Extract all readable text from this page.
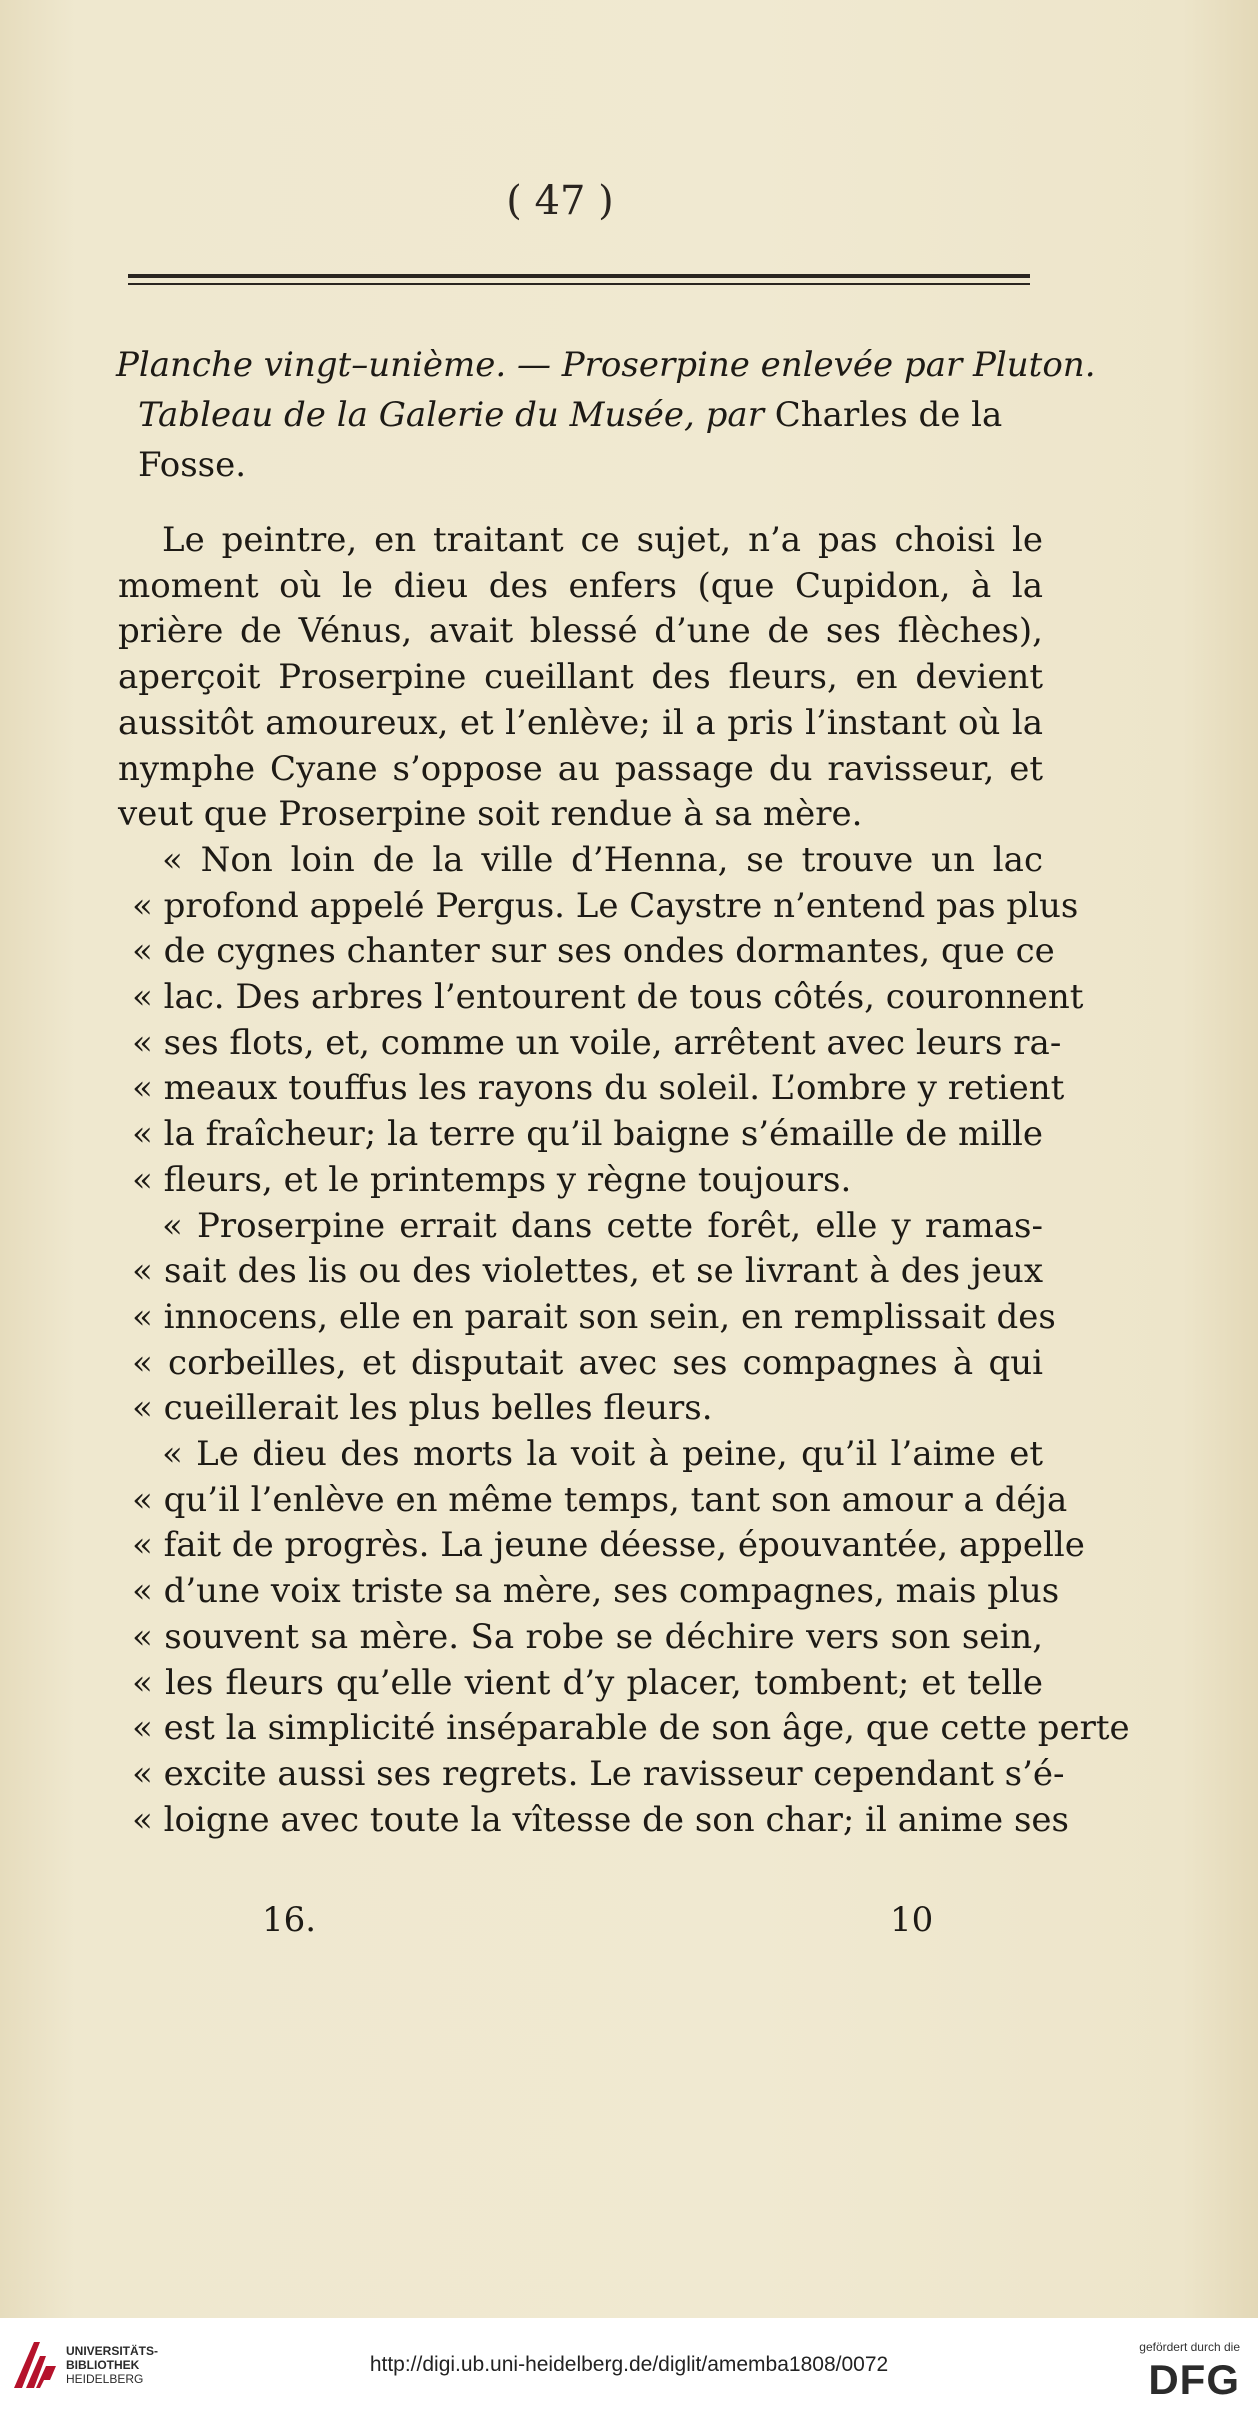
( 47 )
Planche vingt–unième. — Proserpine enlevée par Pluton.
Tableau de la Galerie du Musée, par Charles de la
Fosse.
Le peintre, en traitant ce sujet, n’a pas choisi le
moment où le dieu des enfers (que Cupidon, à la
prière de Vénus, avait blessé d’une de ses flèches),
aperçoit Proserpine cueillant des fleurs, en devient
aussitôt amoureux, et l’enlève; il a pris l’instant où la
nymphe Cyane s’oppose au passage du ravisseur, et
veut que Proserpine soit rendue à sa mère.
« Non loin de la ville d’Henna, se trouve un lac
« profond appelé Pergus. Le Caystre n’entend pas plus
« de cygnes chanter sur ses ondes dormantes, que ce
« lac. Des arbres l’entourent de tous côtés, couronnent
« ses flots, et, comme un voile, arrêtent avec leurs ra-
« meaux touffus les rayons du soleil. L’ombre y retient
« la fraîcheur; la terre qu’il baigne s’émaille de mille
« fleurs, et le printemps y règne toujours.
« Proserpine errait dans cette forêt, elle y ramas-
« sait des lis ou des violettes, et se livrant à des jeux
« innocens, elle en parait son sein, en remplissait des
« corbeilles, et disputait avec ses compagnes à qui
« cueillerait les plus belles fleurs.
« Le dieu des morts la voit à peine, qu’il l’aime et
« qu’il l’enlève en même temps, tant son amour a déja
« fait de progrès. La jeune déesse, épouvantée, appelle
« d’une voix triste sa mère, ses compagnes, mais plus
« souvent sa mère. Sa robe se déchire vers son sein,
« les fleurs qu’elle vient d’y placer, tombent; et telle
« est la simplicité inséparable de son âge, que cette perte
« excite aussi ses regrets. Le ravisseur cependant s’é-
« loigne avec toute la vîtesse de son char; il anime ses
16.	10
UNIVERSITÄTS-
BIBLIOTHEK
HEIDELBERG
http://digi.ub.uni-heidelberg.de/diglit/amemba1808/0072
gefördert durch die
DFG
